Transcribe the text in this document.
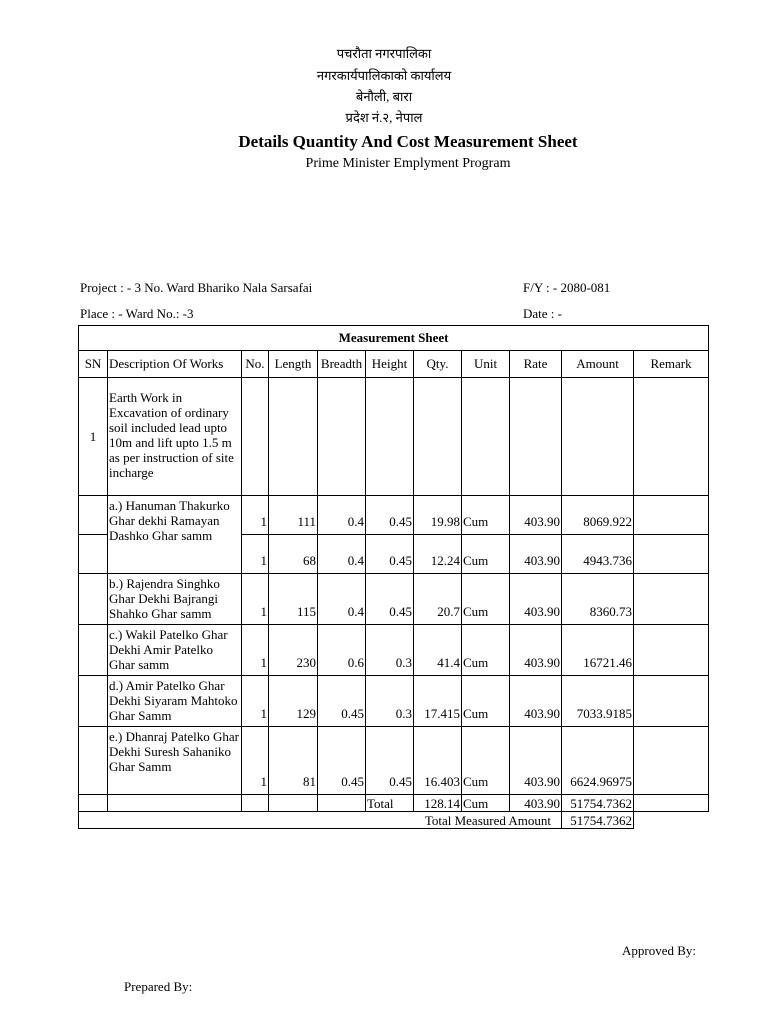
पचरौता नगरपालिका
नगरकार्यपालिकाको कार्यालय
बेनौली, बारा
प्रदेश नं.२, नेपाल
Details Quantity And Cost Measurement Sheet
Prime Minister Emplyment Program
Project : - 3 No. Ward Bhariko Nala Sarsafai	F/Y : - 2080-081
Place : - Ward No.: -3	Date : -
Measurement Sheet										
SN	Description Of Works	No.	Length	Breadth	Height	Qty.	Unit	Rate	Amount	Remark
1	Earth Work in Excavation of ordinary soil included lead upto 10m and lift upto 1.5 m as per instruction of site incharge									
	a.) Hanuman Thakurko Ghar dekhi Ramayan Dashko Ghar samm	1	111	0.4	0.45	19.98	Cum	403.90	8069.922	
		1	68	0.4	0.45	12.24	Cum	403.90	4943.736	
	b.) Rajendra Singhko Ghar Dekhi Bajrangi Shahko Ghar samm	1	115	0.4	0.45	20.7	Cum	403.90	8360.73	
	c.) Wakil Patelko Ghar Dekhi Amir Patelko Ghar samm	1	230	0.6	0.3	41.4	Cum	403.90	16721.46	
	d.) Amir Patelko Ghar Dekhi Siyaram Mahtoko Ghar Samm	1	129	0.45	0.3	17.415	Cum	403.90	7033.9185	
	e.) Dhanraj Patelko Ghar Dekhi Suresh Sahaniko Ghar Samm	1	81	0.45	0.45	16.403	Cum	403.90	6624.96975	
					Total	128.14	Cum	403.90	51754.7362	
Total Measured Amount									51754.7362	
Approved By:
Prepared By:
